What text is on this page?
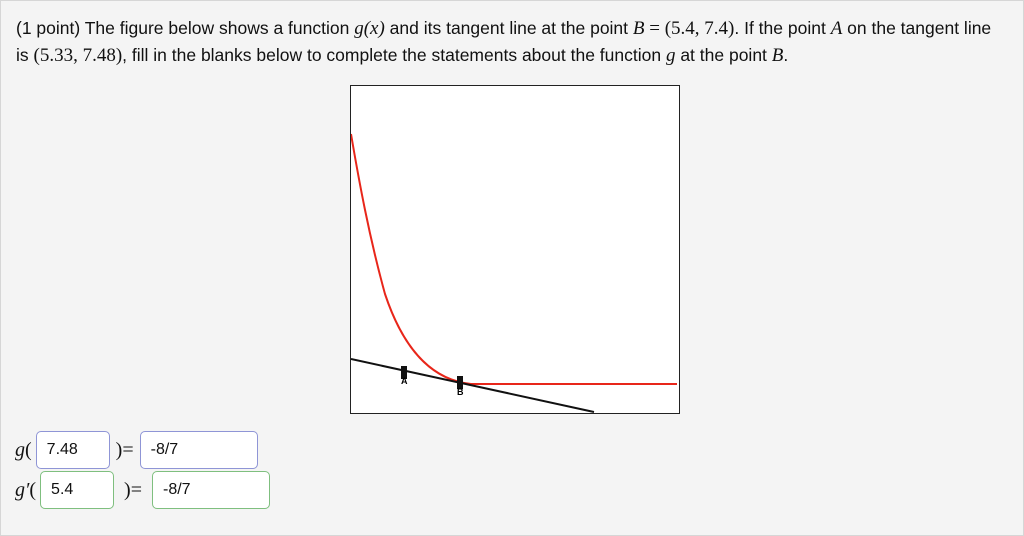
(1 point) The figure below shows a function g(x) and its tangent line at the point B = (5.4, 7.4). If the point A on the tangent line is (5.33, 7.48), fill in the blanks below to complete the statements about the function g at the point B.
A
B
g(
7.48	)=
-8/7
g′(
5.4	)=
-8/7
